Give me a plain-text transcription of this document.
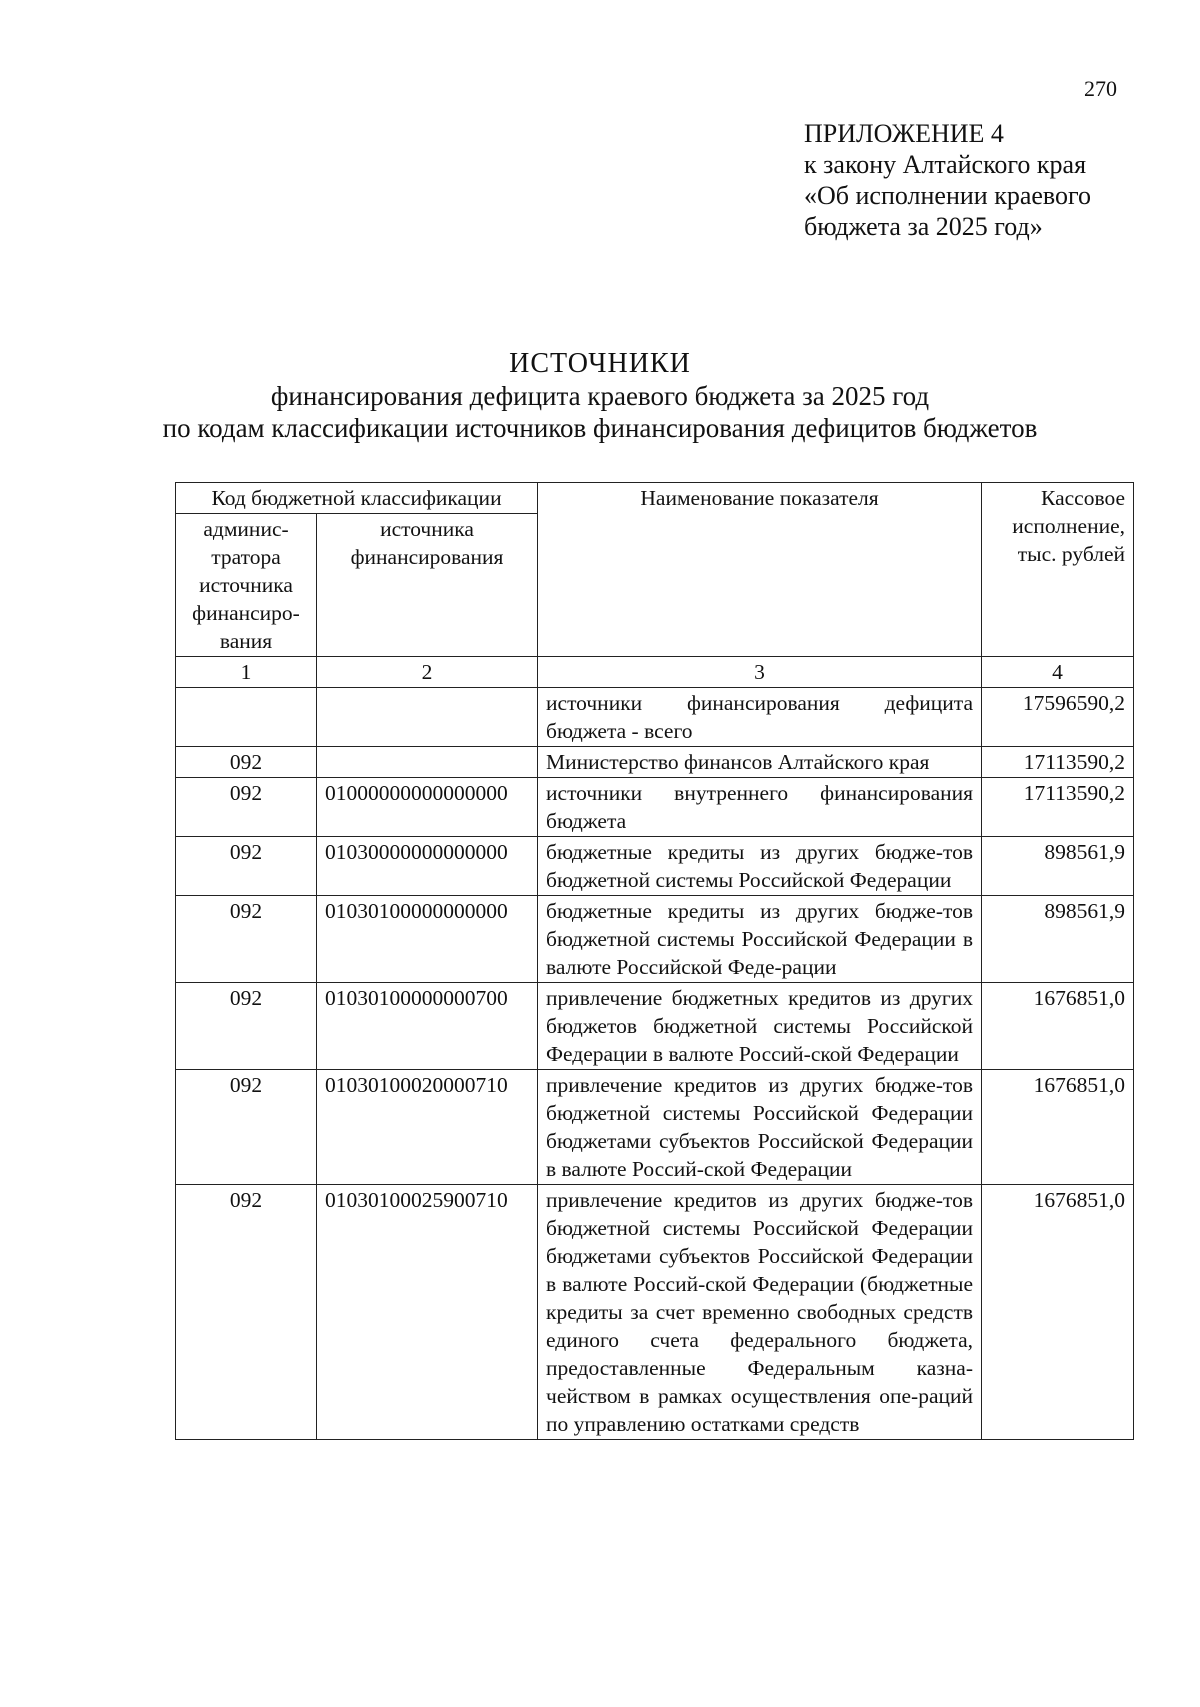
270
ПРИЛОЖЕНИЕ 4
к закону Алтайского края
«Об исполнении краевого
бюджета за 2025 год»
ИСТОЧНИКИ
финансирования дефицита краевого бюджета за 2025 год
по кодам классификации источников финансирования дефицитов бюджетов
Код бюджетной классификации		Наименование показателя	Кассовое исполнение, тыс. рублей
админис-тратора источника финансиро-вания	источника финансирования		
1	2	3	4
		источники финансирования дефицита бюджета - всего	17596590,2
092		Министерство финансов Алтайского края	17113590,2
092	01000000000000000	источники внутреннего финансирования бюджета	17113590,2
092	01030000000000000	бюджетные кредиты из других бюдже-тов бюджетной системы Российской Федерации	898561,9
092	01030100000000000	бюджетные кредиты из других бюдже-тов бюджетной системы Российской Федерации в валюте Российской Феде-рации	898561,9
092	01030100000000700	привлечение бюджетных кредитов из других бюджетов бюджетной системы Российской Федерации в валюте Россий-ской Федерации	1676851,0
092	01030100020000710	привлечение кредитов из других бюдже-тов бюджетной системы Российской Федерации бюджетами субъектов Российской Федерации в валюте Россий-ской Федерации	1676851,0
092	01030100025900710	привлечение кредитов из других бюдже-тов бюджетной системы Российской Федерации бюджетами субъектов Российской Федерации в валюте Россий-ской Федерации (бюджетные кредиты за счет временно свободных средств единого счета федерального бюджета, предоставленные Федеральным казна-чейством в рамках осуществления опе-раций по управлению остатками средств	1676851,0
